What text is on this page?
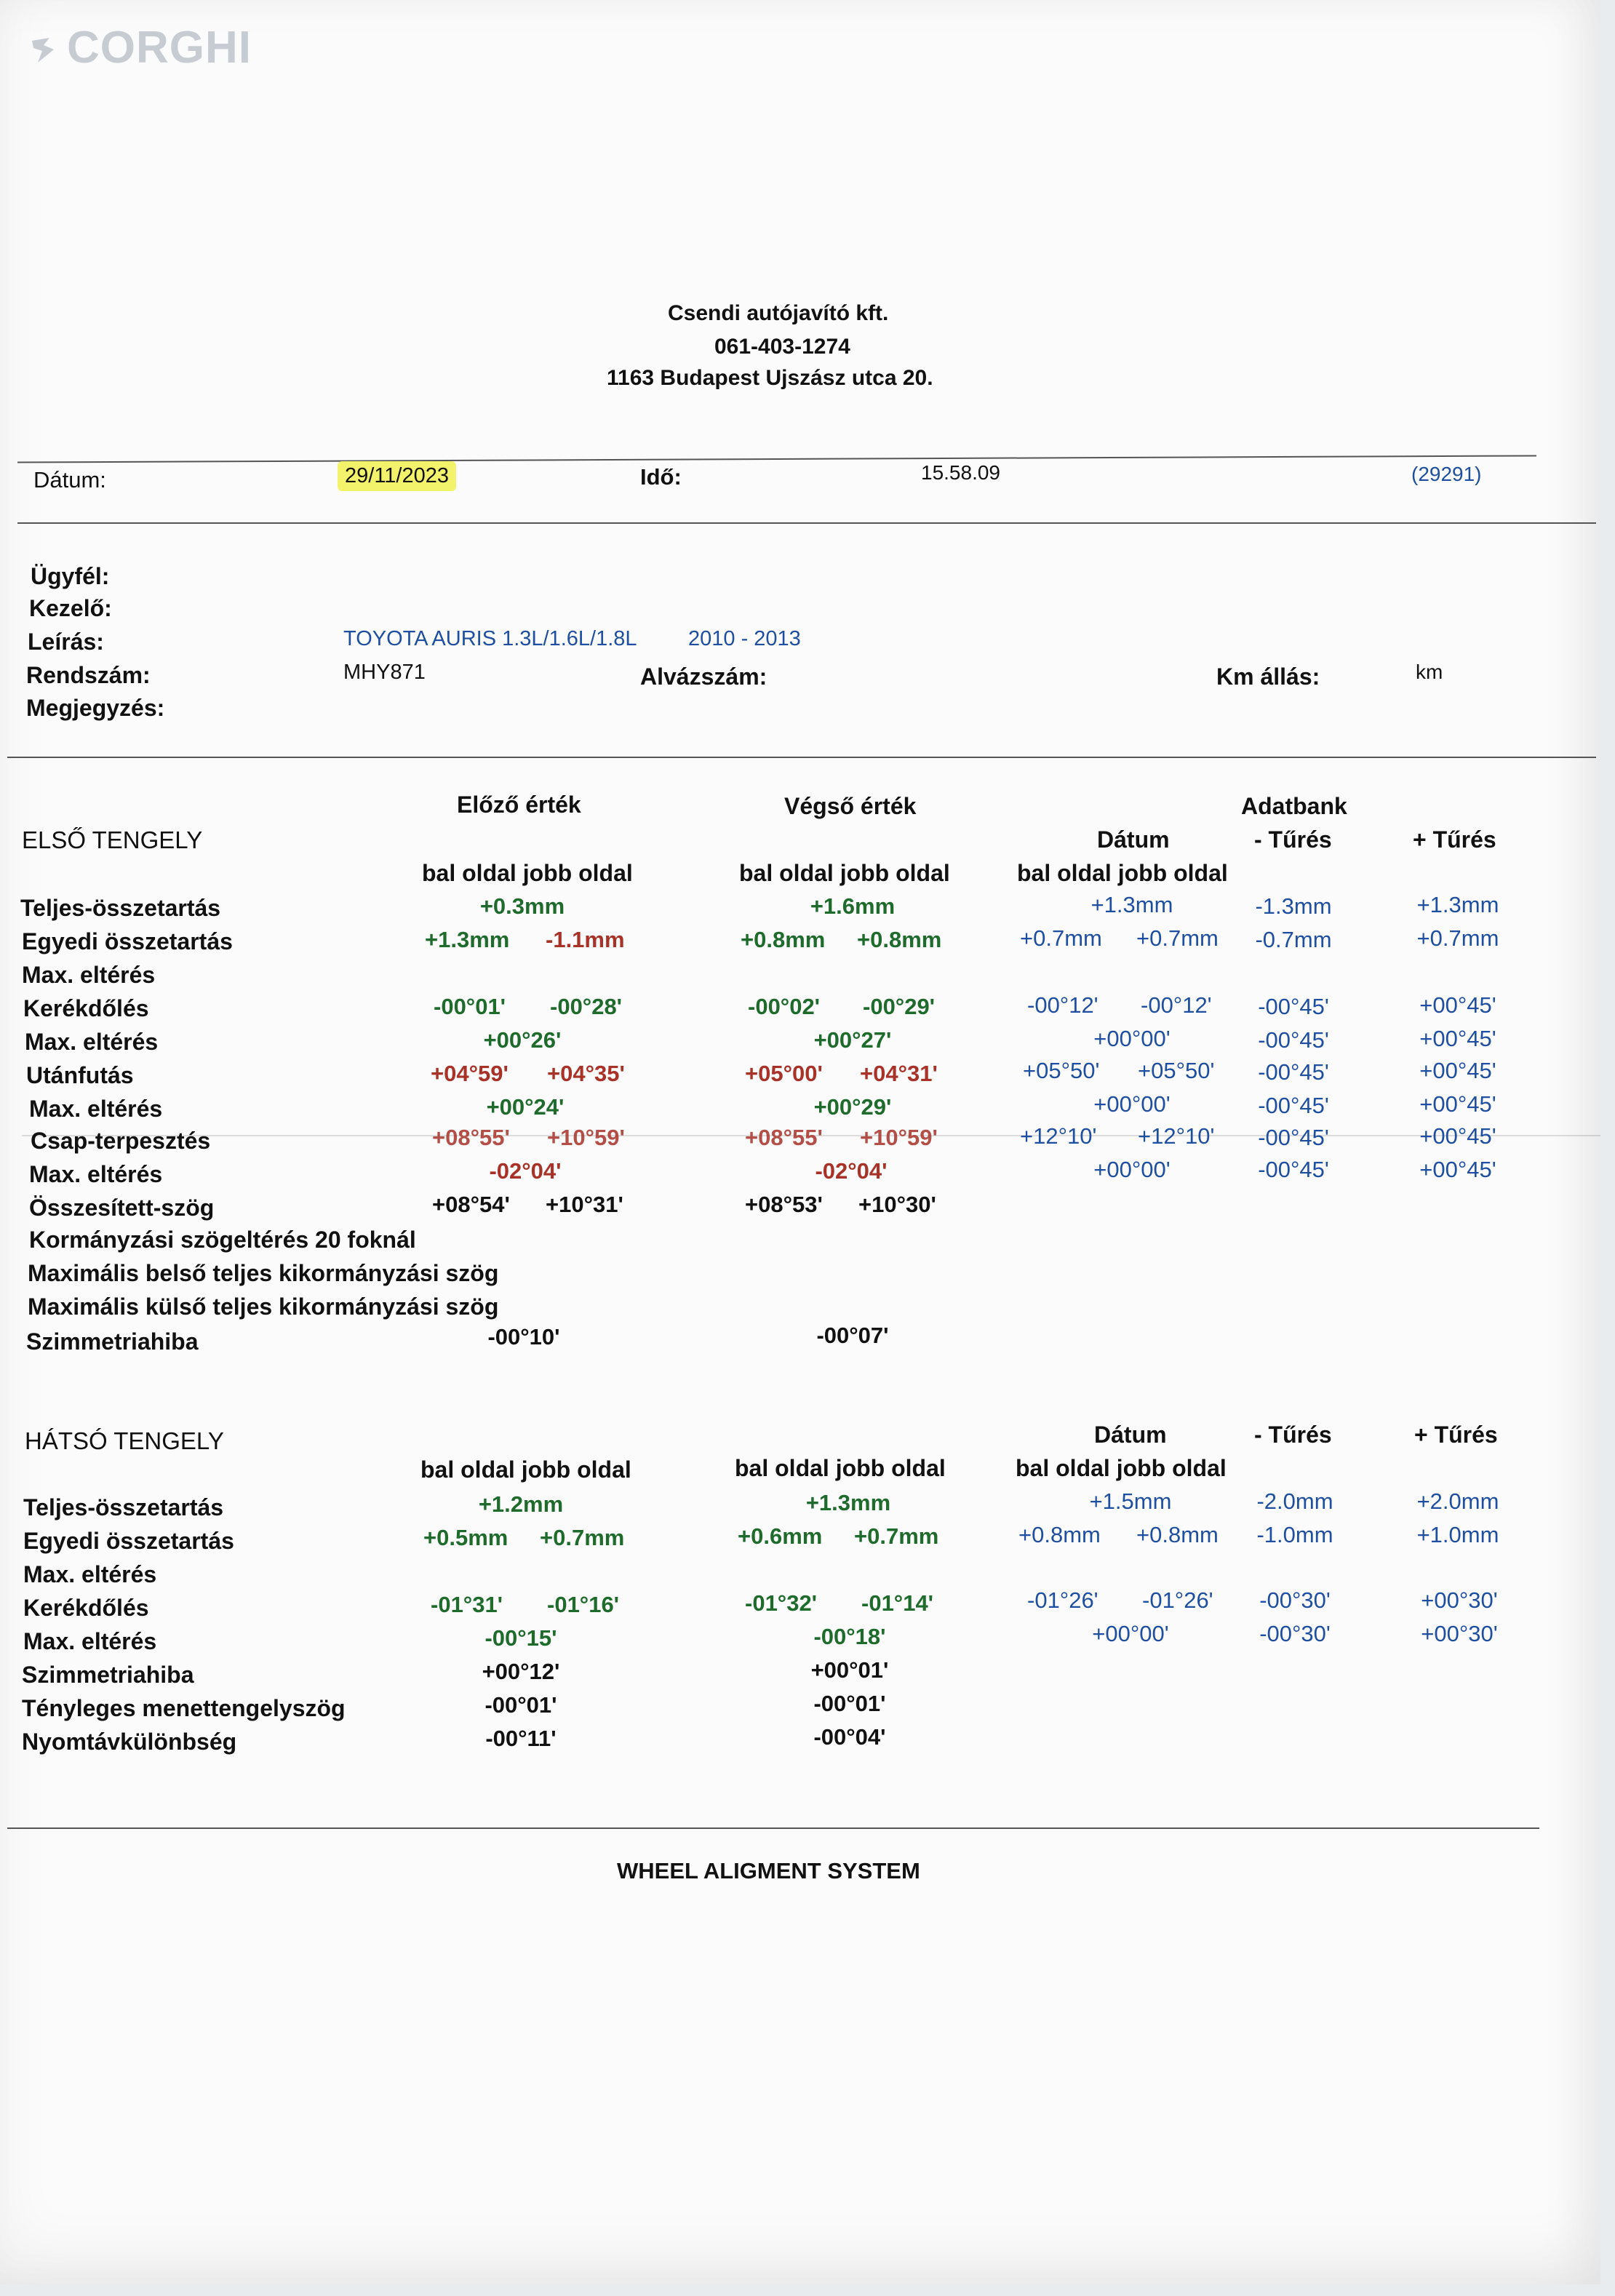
CORGHI
Csendi autójavító kft.
061-403-1274
1163 Budapest Ujszász utca 20.
Dátum:	29/11/2023	Idő:	15.58.09	(29291)
Ügyfél:
Kezelő:
Leírás:	TOYOTA AURIS 1.3L/1.6L/1.8L 2010 - 2013
Rendszám:	MHY871	Alvázszám:	Km állás:	km
Megjegyzés:
Előző érték	Végső érték	Adatbank
ELSŐ TENGELY	Dátum	- Tűrés	+ Tűrés
bal oldal jobb oldal	bal oldal jobb oldal	bal oldal jobb oldal
Teljes-összetartás	+0.3mm	+1.6mm	+1.3mm	-1.3mm	+1.3mm
Egyedi összetartás	+1.3mm -1.1mm	+0.8mm +0.8mm	+0.7mm +0.7mm	-0.7mm	+0.7mm
Max. eltérés
Kerékdőlés	-00°01' -00°28'	-00°02' -00°29'	-00°12' -00°12'	-00°45'	+00°45'
Max. eltérés	+00°26'	+00°27'	+00°00'	-00°45'	+00°45'
Utánfutás	+04°59' +04°35'	+05°00' +04°31'	+05°50' +05°50'	-00°45'	+00°45'
Max. eltérés	+00°24'	+00°29'	+00°00'	-00°45'	+00°45'
Csap-terpesztés	+08°55' +10°59'	+08°55' +10°59'	+12°10' +12°10'	-00°45'	+00°45'
Max. eltérés	-02°04'	-02°04'	+00°00'	-00°45'	+00°45'
Összesített-szög	+08°54' +10°31'	+08°53' +10°30'
Kormányzási szögeltérés 20 foknál
Maximális belső teljes kikormányzási szög
Maximális külső teljes kikormányzási szög
Szimmetriahiba	-00°10'	-00°07'
HÁTSÓ TENGELY	Dátum	- Tűrés	+ Tűrés
bal oldal jobb oldal	bal oldal jobb oldal	bal oldal jobb oldal
Teljes-összetartás	+1.2mm	+1.3mm	+1.5mm	-2.0mm	+2.0mm
Egyedi összetartás	+0.5mm +0.7mm	+0.6mm +0.7mm	+0.8mm +0.8mm	-1.0mm	+1.0mm
Max. eltérés
Kerékdőlés	-01°31' -01°16'	-01°32' -01°14'	-01°26' -01°26'	-00°30'	+00°30'
Max. eltérés	-00°15'	-00°18'	+00°00'	-00°30'	+00°30'
Szimmetriahiba	+00°12'	+00°01'
Tényleges menettengelyszög	-00°01'	-00°01'
Nyomtávkülönbség	-00°11'	-00°04'
WHEEL ALIGMENT SYSTEM
